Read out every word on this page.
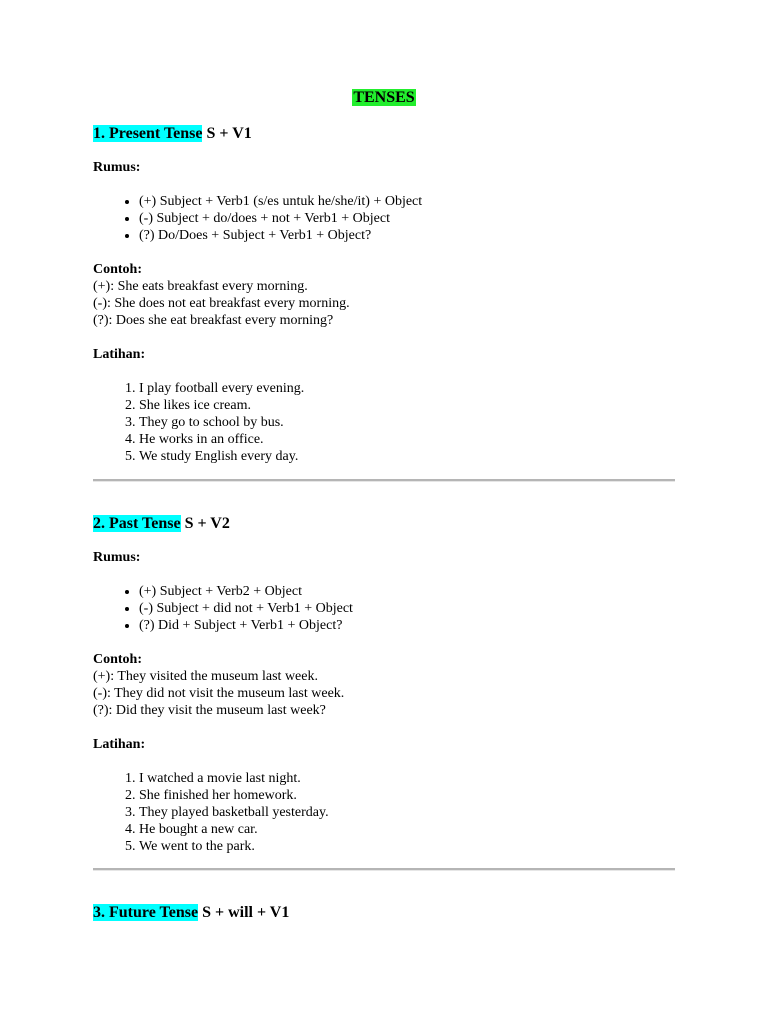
TENSES

1. Present Tense S + V1

Rumus:

• (+) Subject + Verb1 (s/es untuk he/she/it) + Object
• (-) Subject + do/does + not + Verb1 + Object
• (?) Do/Does + Subject + Verb1 + Object?

Contoh:

(+): She eats breakfast every morning.

(-): She does not eat breakfast every morning.

(?): Does she eat breakfast every morning?

Latihan:

1. I play football every evening.
2. She likes ice cream.
3. They go to school by bus.
4. He works in an office.
5. We study English every day.

2. Past Tense S + V2

Rumus:

• (+) Subject + Verb2 + Object
• (-) Subject + did not + Verb1 + Object
• (?) Did + Subject + Verb1 + Object?

Contoh:

(+): They visited the museum last week.

(-): They did not visit the museum last week.

(?): Did they visit the museum last week?

Latihan:

1. I watched a movie last night.
2. She finished her homework.
3. They played basketball yesterday.
4. He bought a new car.
5. We went to the park.

3. Future Tense S + will + V1
